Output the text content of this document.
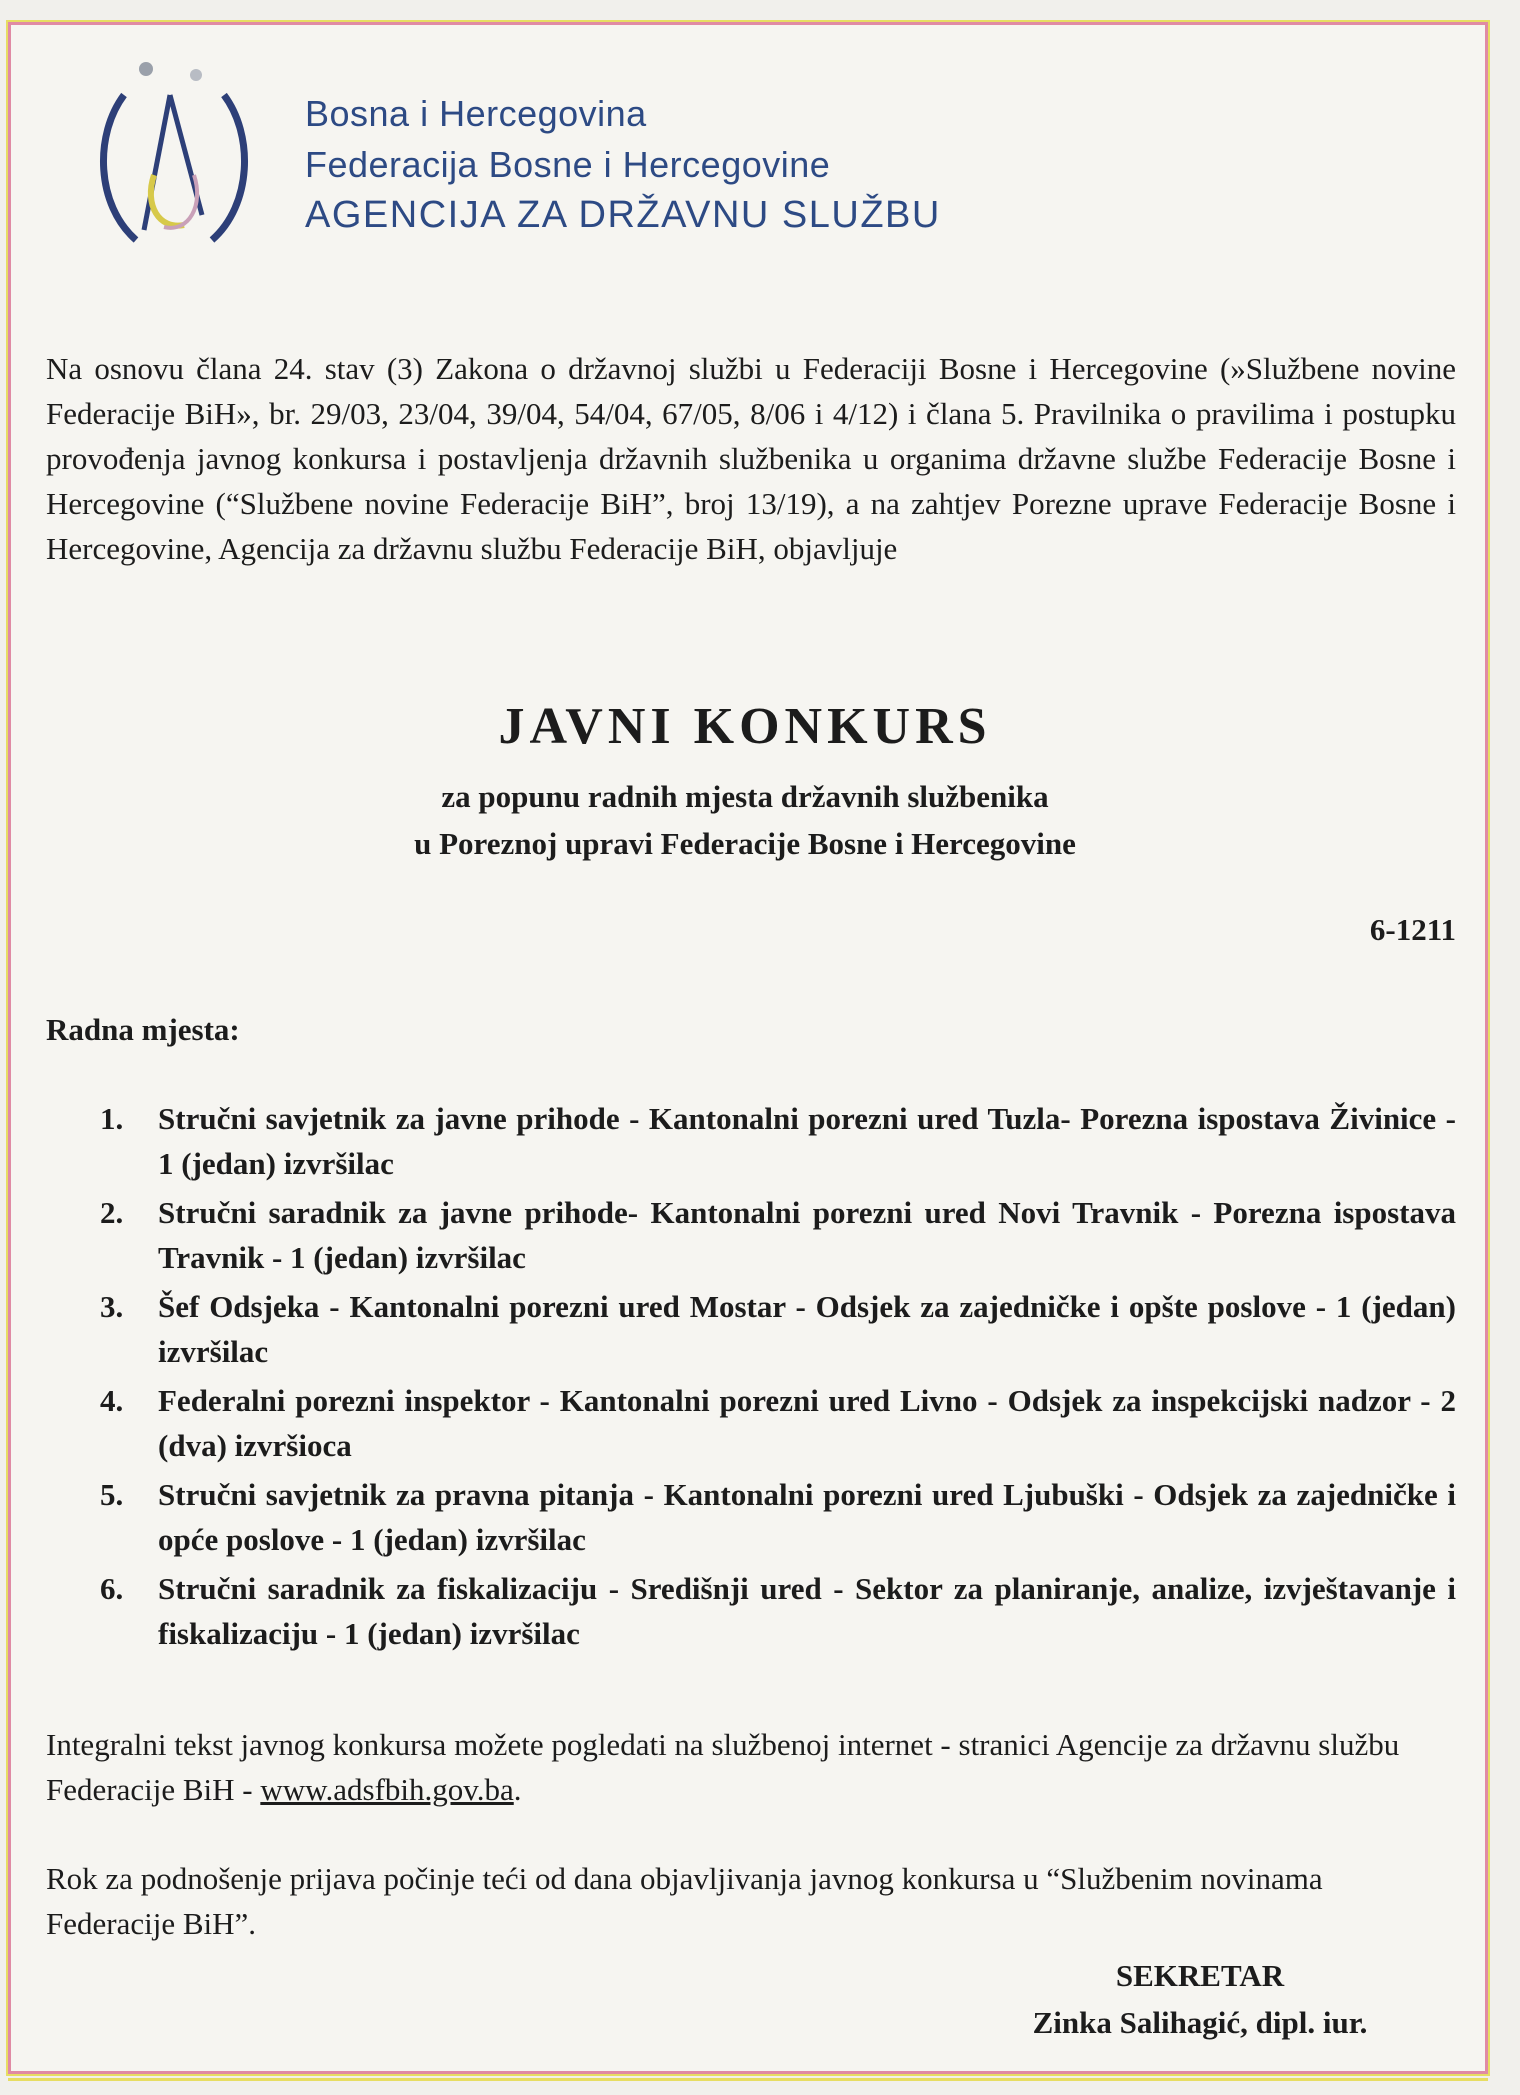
Bosna i Hercegovina
Federacija Bosne i Hercegovine
AGENCIJA ZA DRŽAVNU SLUŽBU
Na osnovu člana 24. stav (3) Zakona o državnoj službi u Federaciji Bosne i Hercegovine (»Službene novine Federacije BiH», br. 29/03, 23/04, 39/04, 54/04, 67/05, 8/06 i 4/12) i člana 5. Pravilnika o pravilima i postupku provođenja javnog konkursa i postavljenja državnih službenika u organima državne službe Federacije Bosne i Hercegovine (“Službene novine Federacije BiH”, broj 13/19), a na zahtjev Porezne uprave Federacije Bosne i Hercegovine, Agencija za državnu službu Federacije BiH, objavljuje
JAVNI KONKURS
za popunu radnih mjesta državnih službenika
u Poreznoj upravi Federacije Bosne i Hercegovine
6-1211
Radna mjesta:
1.	Stručni savjetnik za javne prihode - Kantonalni porezni ured Tuzla- Porezna ispostava Živinice - 1 (jedan) izvršilac
2.	Stručni saradnik za javne prihode- Kantonalni porezni ured Novi Travnik - Porezna ispostava Travnik - 1 (jedan) izvršilac
3.	Šef Odsjeka - Kantonalni porezni ured Mostar - Odsjek za zajedničke i opšte poslove - 1 (jedan) izvršilac
4.	Federalni porezni inspektor - Kantonalni porezni ured Livno - Odsjek za inspekcijski nadzor - 2 (dva) izvršioca
5.	Stručni savjetnik za pravna pitanja - Kantonalni porezni ured Ljubuški - Odsjek za zajedničke i opće poslove - 1 (jedan) izvršilac
6.	Stručni saradnik za fiskalizaciju - Središnji ured - Sektor za planiranje, analize, izvještavanje i fiskalizaciju - 1 (jedan) izvršilac
Integralni tekst javnog konkursa možete pogledati na službenoj internet - stranici Agencije za državnu službu Federacije BiH - www.adsfbih.gov.ba.
Rok za podnošenje prijava počinje teći od dana objavljivanja javnog konkursa u “Službenim novinama Federacije BiH”.
SEKRETAR
Zinka Salihagić, dipl. iur.
